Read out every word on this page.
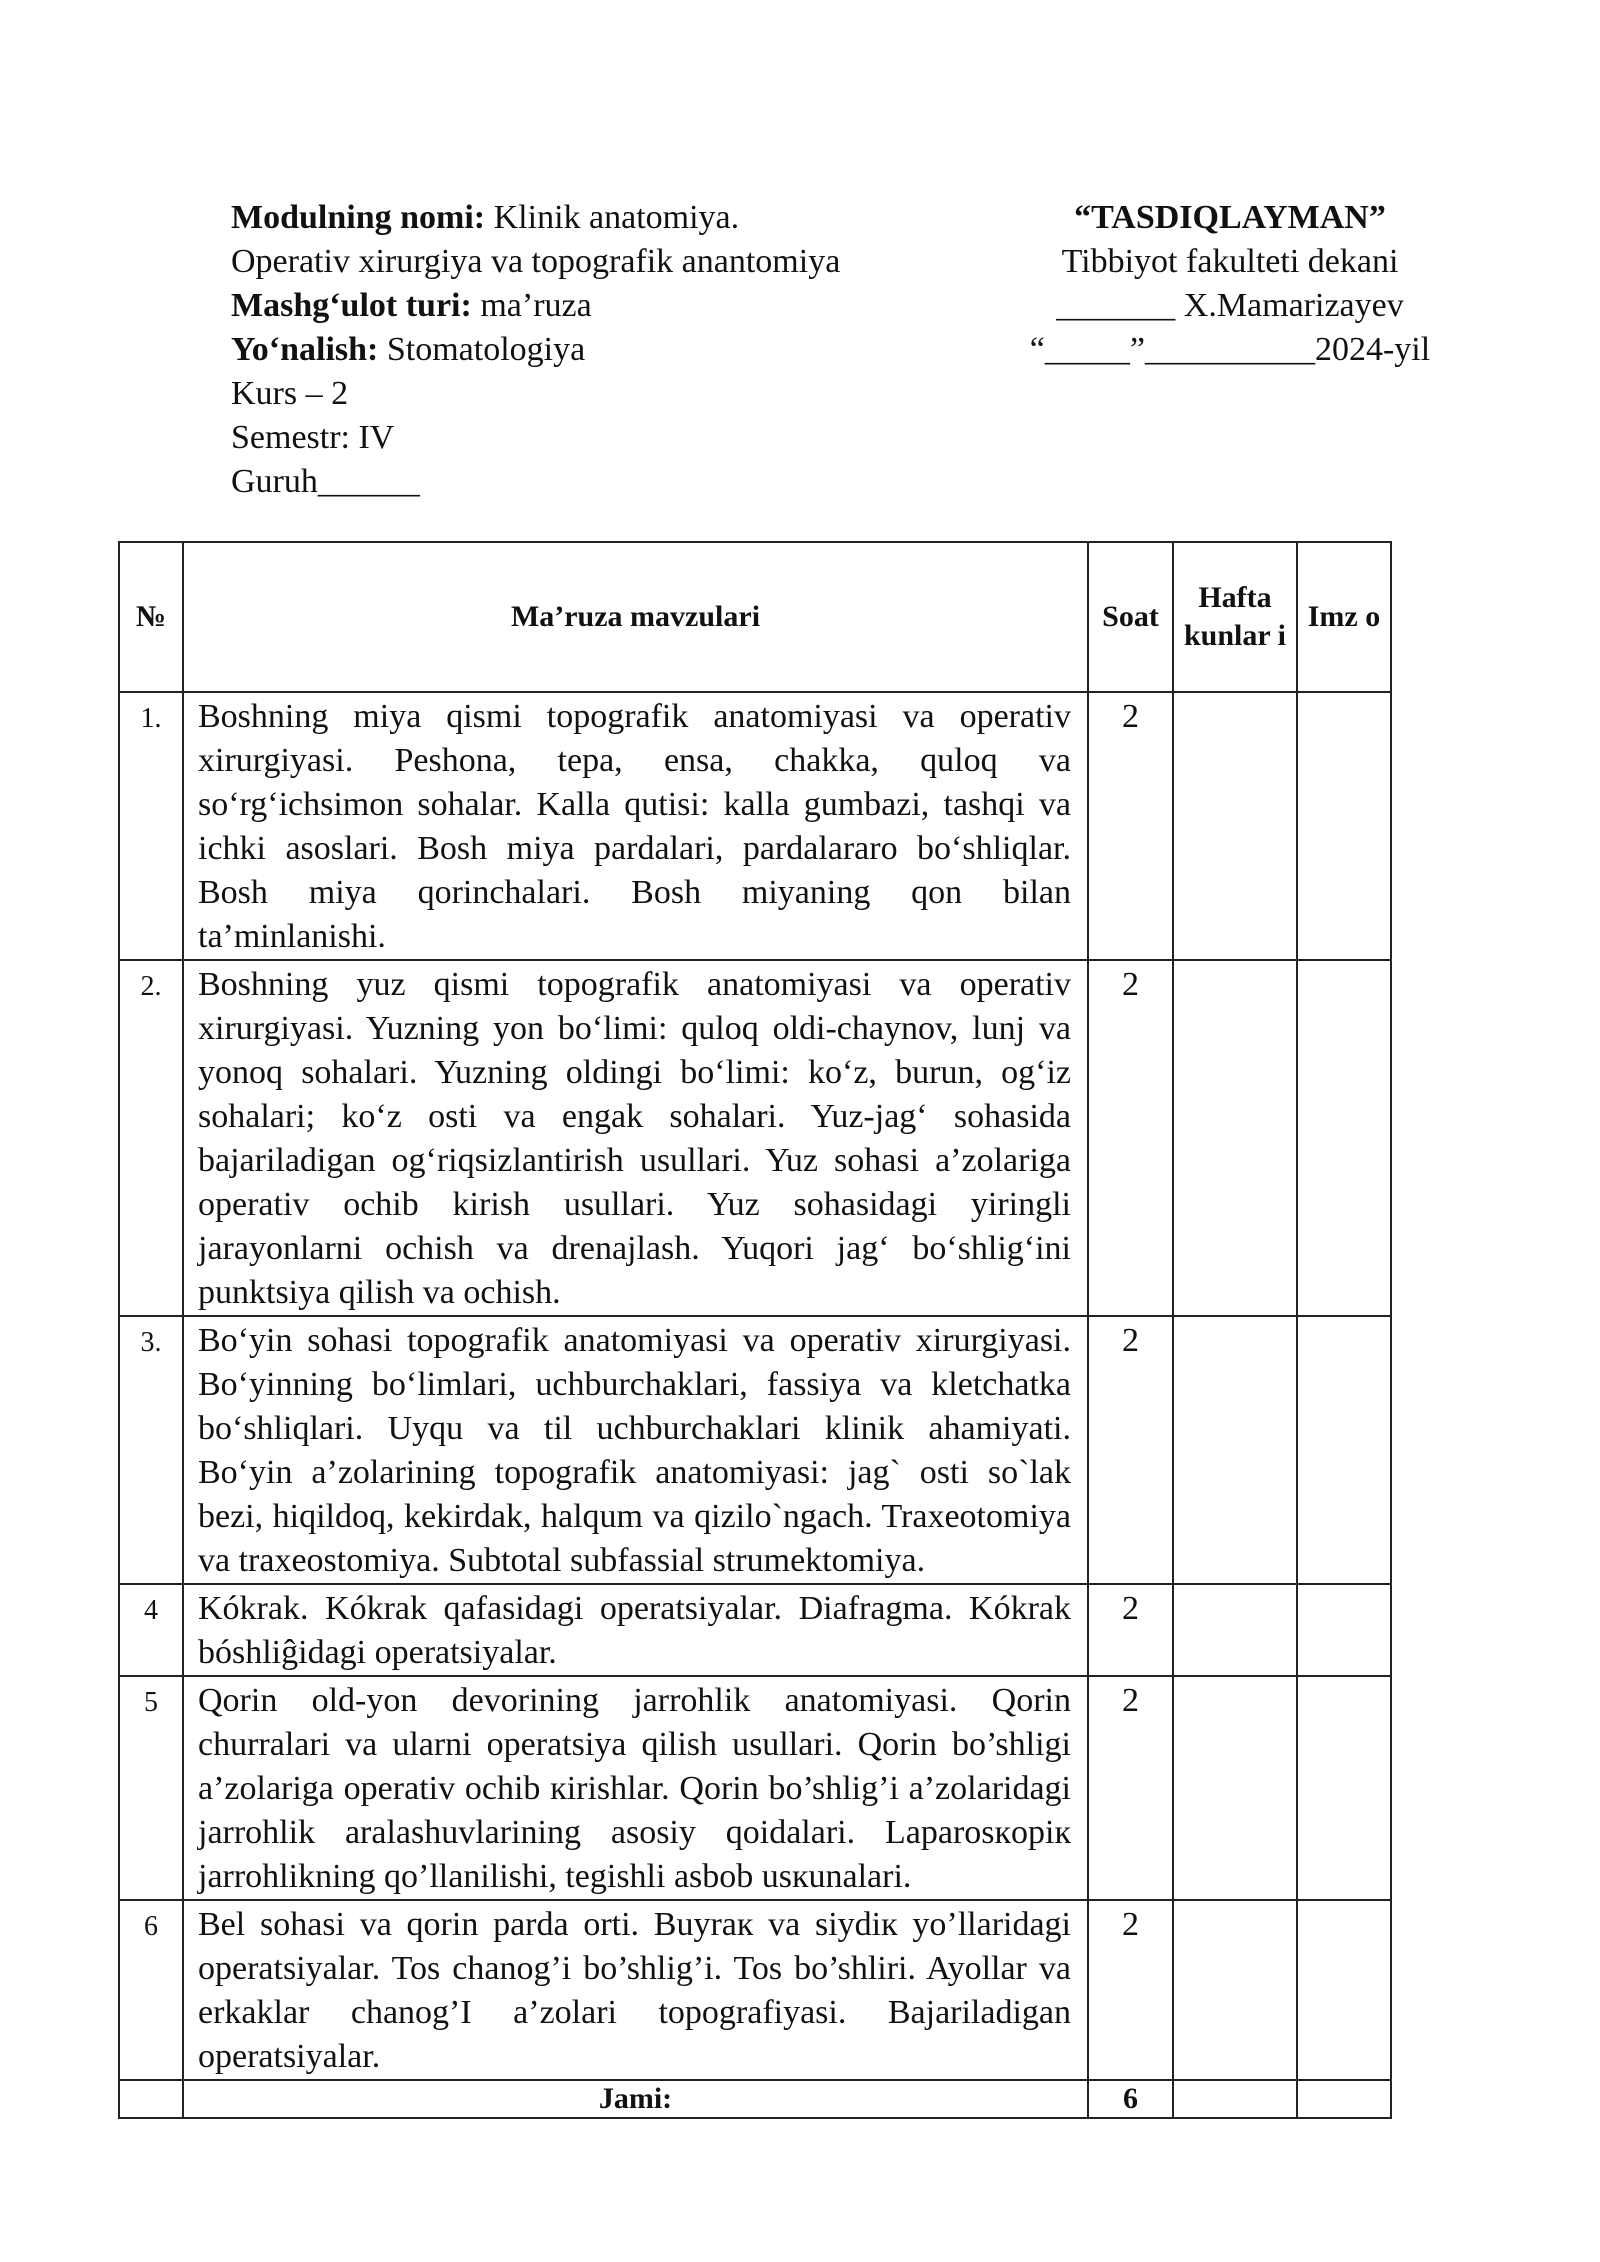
Modulning nomi: Klinik anatomiya.
Operativ xirurgiya va topografik anantomiya
Mashg‘ulot turi: ma’ruza
Yo‘nalish: Stomatologiya
Kurs – 2
Semestr: IV
Guruh______
“TASDIQLAYMAN”
Tibbiyot fakulteti dekani
_______ X.Mamarizayev
“_____”__________2024-yil
№	Ma’ruza mavzulari	Soat	Hafta kunlar i	Imz o
1.	Boshning miya qismi topografik anatomiyasi va operativ xirurgiyasi. Peshona, tepa, ensa, chakka, quloq va so‘rg‘ichsimon sohalar. Kalla qutisi: kalla gumbazi, tashqi va ichki asoslari. Bosh miya pardalari, pardalararo bo‘shliqlar. Bosh miya qorinchalari. Bosh miyaning qon bilan ta’minlanishi.	2		
2.	Boshning yuz qismi topografik anatomiyasi va operativ xirurgiyasi. Yuzning yon bo‘limi: quloq oldi-chaynov, lunj va yonoq sohalari. Yuzning oldingi bo‘limi: ko‘z, burun, og‘iz sohalari; ko‘z osti va engak sohalari. Yuz-jag‘ sohasida bajariladigan og‘riqsizlantirish usullari. Yuz sohasi a’zolariga operativ ochib kirish usullari. Yuz sohasidagi yiringli jarayonlarni ochish va drenajlash. Yuqori jag‘ bo‘shlig‘ini punktsiya qilish va ochish.	2		
3.	Bo‘yin sohasi topografik anatomiyasi va operativ xirurgiyasi. Bo‘yinning bo‘limlari, uchburchaklari, fassiya va kletchatka bo‘shliqlari. Uyqu va til uchburchaklari klinik ahamiyati. Bo‘yin a’zolarining topografik anatomiyasi: jag` osti so`lak bezi, hiqildoq, kekirdak, halqum va qizilo`ngach. Traxeotomiya va traxeostomiya. Subtotal subfassial strumektomiya.	2		
4	Kókrak. Kókrak qafasidagi operatsiyalar. Diafragma. Kókrak bóshliĝidagi operatsiyalar.	2		
5	Qorin old-yon devorining jarrohlik anatomiyasi. Qorin churralari va ularni operatsiya qilish usullari. Qorin bo’shligi a’zolariga operativ ochib кirishlar. Qorin bo’shlig’i a’zolaridagi jarrohlik aralashuvlarining asosiy qoidalari. Laparosкopiк jarrohlikning qo’llanilishi, tegishli asbob usкunalari.	2		
6	Bel sohasi va qorin parda orti. Buyraк va siydiк yo’llaridagi operatsiyalar. Tos chanog’i bo’shlig’i. Tos bo’shliri. Ayollar va erkaklar chanog’I a’zolari topografiyasi. Bajariladigan operatsiyalar.	2		
	Jami:	6		
